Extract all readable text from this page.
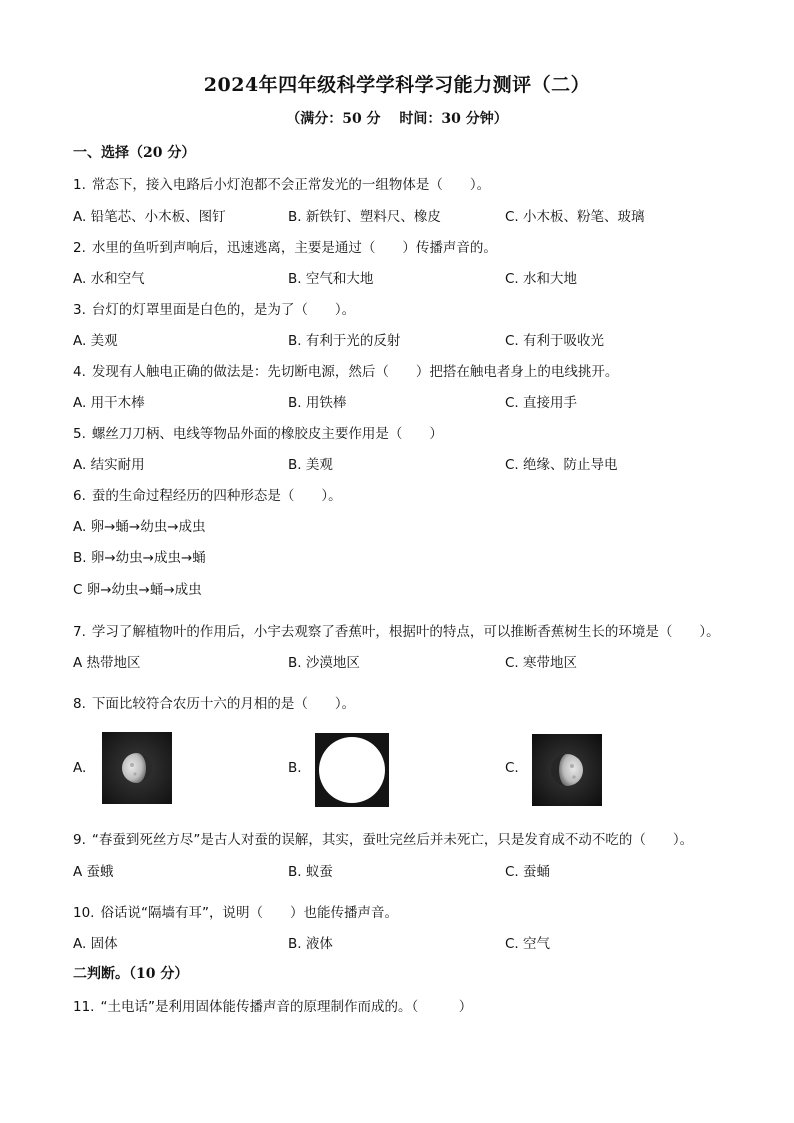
2024年四年级科学学科学习能力测评（二）
（满分：50 分　 时间：30 分钟）
一、选择（20 分）
1. 常态下，接入电路后小灯泡都不会正常发光的一组物体是（　　）。
A. 铅笔芯、小木板、图钉	B. 新铁钉、塑料尺、橡皮	C. 小木板、粉笔、玻璃
2. 水里的鱼听到声响后，迅速逃离，主要是通过（　　）传播声音的。
A. 水和空气	B. 空气和大地	C. 水和大地
3. 台灯的灯罩里面是白色的，是为了（　　）。
A. 美观	B. 有利于光的反射	C. 有利于吸收光
4. 发现有人触电正确的做法是：先切断电源，然后（　　）把搭在触电者身上的电线挑开。
A. 用干木棒	B. 用铁棒	C. 直接用手
5. 螺丝刀刀柄、电线等物品外面的橡胶皮主要作用是（　　）
A. 结实耐用	B. 美观	C. 绝缘、防止导电
6. 蚕的生命过程经历的四种形态是（　　）。
A. 卵→蛹→幼虫→成虫
B. 卵→幼虫→成虫→蛹
C 卵→幼虫→蛹→成虫
7. 学习了解植物叶的作用后，小宇去观察了香蕉叶，根据叶的特点，可以推断香蕉树生长的环境是（　　）。
A 热带地区	B. 沙漠地区	C. 寒带地区
8. 下面比较符合农历十六的月相的是（　　）。
A.	B.	C.
9. “春蚕到死丝方尽”是古人对蚕的误解，其实，蚕吐完丝后并未死亡，只是发育成不动不吃的（　　）。
A 蚕蛾	B. 蚁蚕	C. 蚕蛹
10. 俗话说“隔墙有耳”，说明（　　）也能传播声音。
A. 固体	B. 液体	C. 空气
二判断。（10 分）
11. “土电话”是利用固体能传播声音的原理制作而成的。（　　　）
